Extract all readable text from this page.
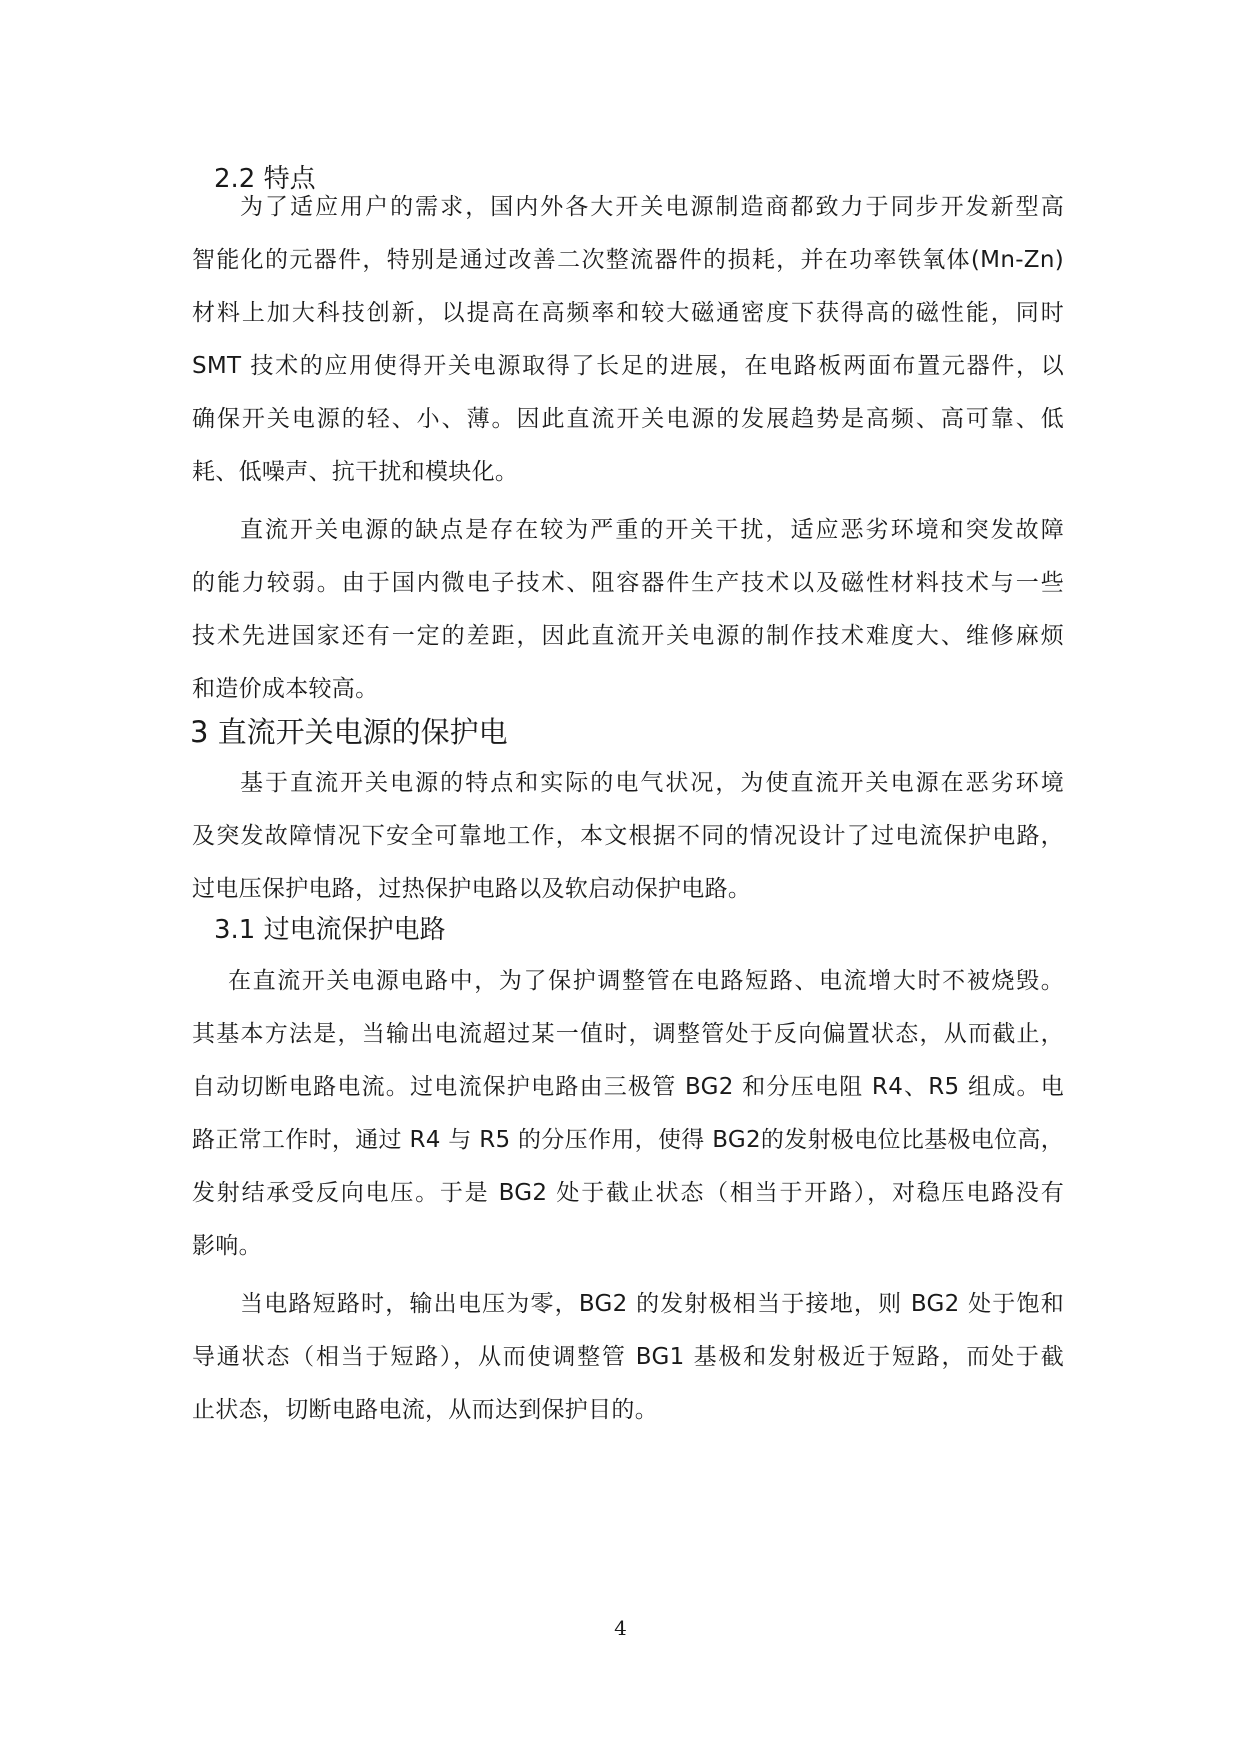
2.2 特点
为了适应用户的需求，国内外各大开关电源制造商都致力于同步开发新型高
智能化的元器件，特别是通过改善二次整流器件的损耗，并在功率铁氧体(Mn-Zn)
材料上加大科技创新，以提高在高频率和较大磁通密度下获得高的磁性能，同时
SMT 技术的应用使得开关电源取得了长足的进展，在电路板两面布置元器件，以
确保开关电源的轻、小、薄。因此直流开关电源的发展趋势是高频、高可靠、低
耗、低噪声、抗干扰和模块化。
直流开关电源的缺点是存在较为严重的开关干扰，适应恶劣环境和突发故障
的能力较弱。由于国内微电子技术、阻容器件生产技术以及磁性材料技术与一些
技术先进国家还有一定的差距，因此直流开关电源的制作技术难度大、维修麻烦
和造价成本较高。
3 直流开关电源的保护电
基于直流开关电源的特点和实际的电气状况，为使直流开关电源在恶劣环境
及突发故障情况下安全可靠地工作，本文根据不同的情况设计了过电流保护电路，
过电压保护电路，过热保护电路以及软启动保护电路。
3.1 过电流保护电路
在直流开关电源电路中，为了保护调整管在电路短路、电流增大时不被烧毁。
其基本方法是，当输出电流超过某一值时，调整管处于反向偏置状态，从而截止，
自动切断电路电流。过电流保护电路由三极管 BG2 和分压电阻 R4、R5 组成。电
路正常工作时，通过 R4 与 R5 的分压作用，使得 BG2的发射极电位比基极电位高，
发射结承受反向电压。于是 BG2 处于截止状态（相当于开路），对稳压电路没有
影响。
当电路短路时，输出电压为零，BG2 的发射极相当于接地，则 BG2 处于饱和
导通状态（相当于短路），从而使调整管 BG1 基极和发射极近于短路，而处于截
止状态，切断电路电流，从而达到保护目的。
4
